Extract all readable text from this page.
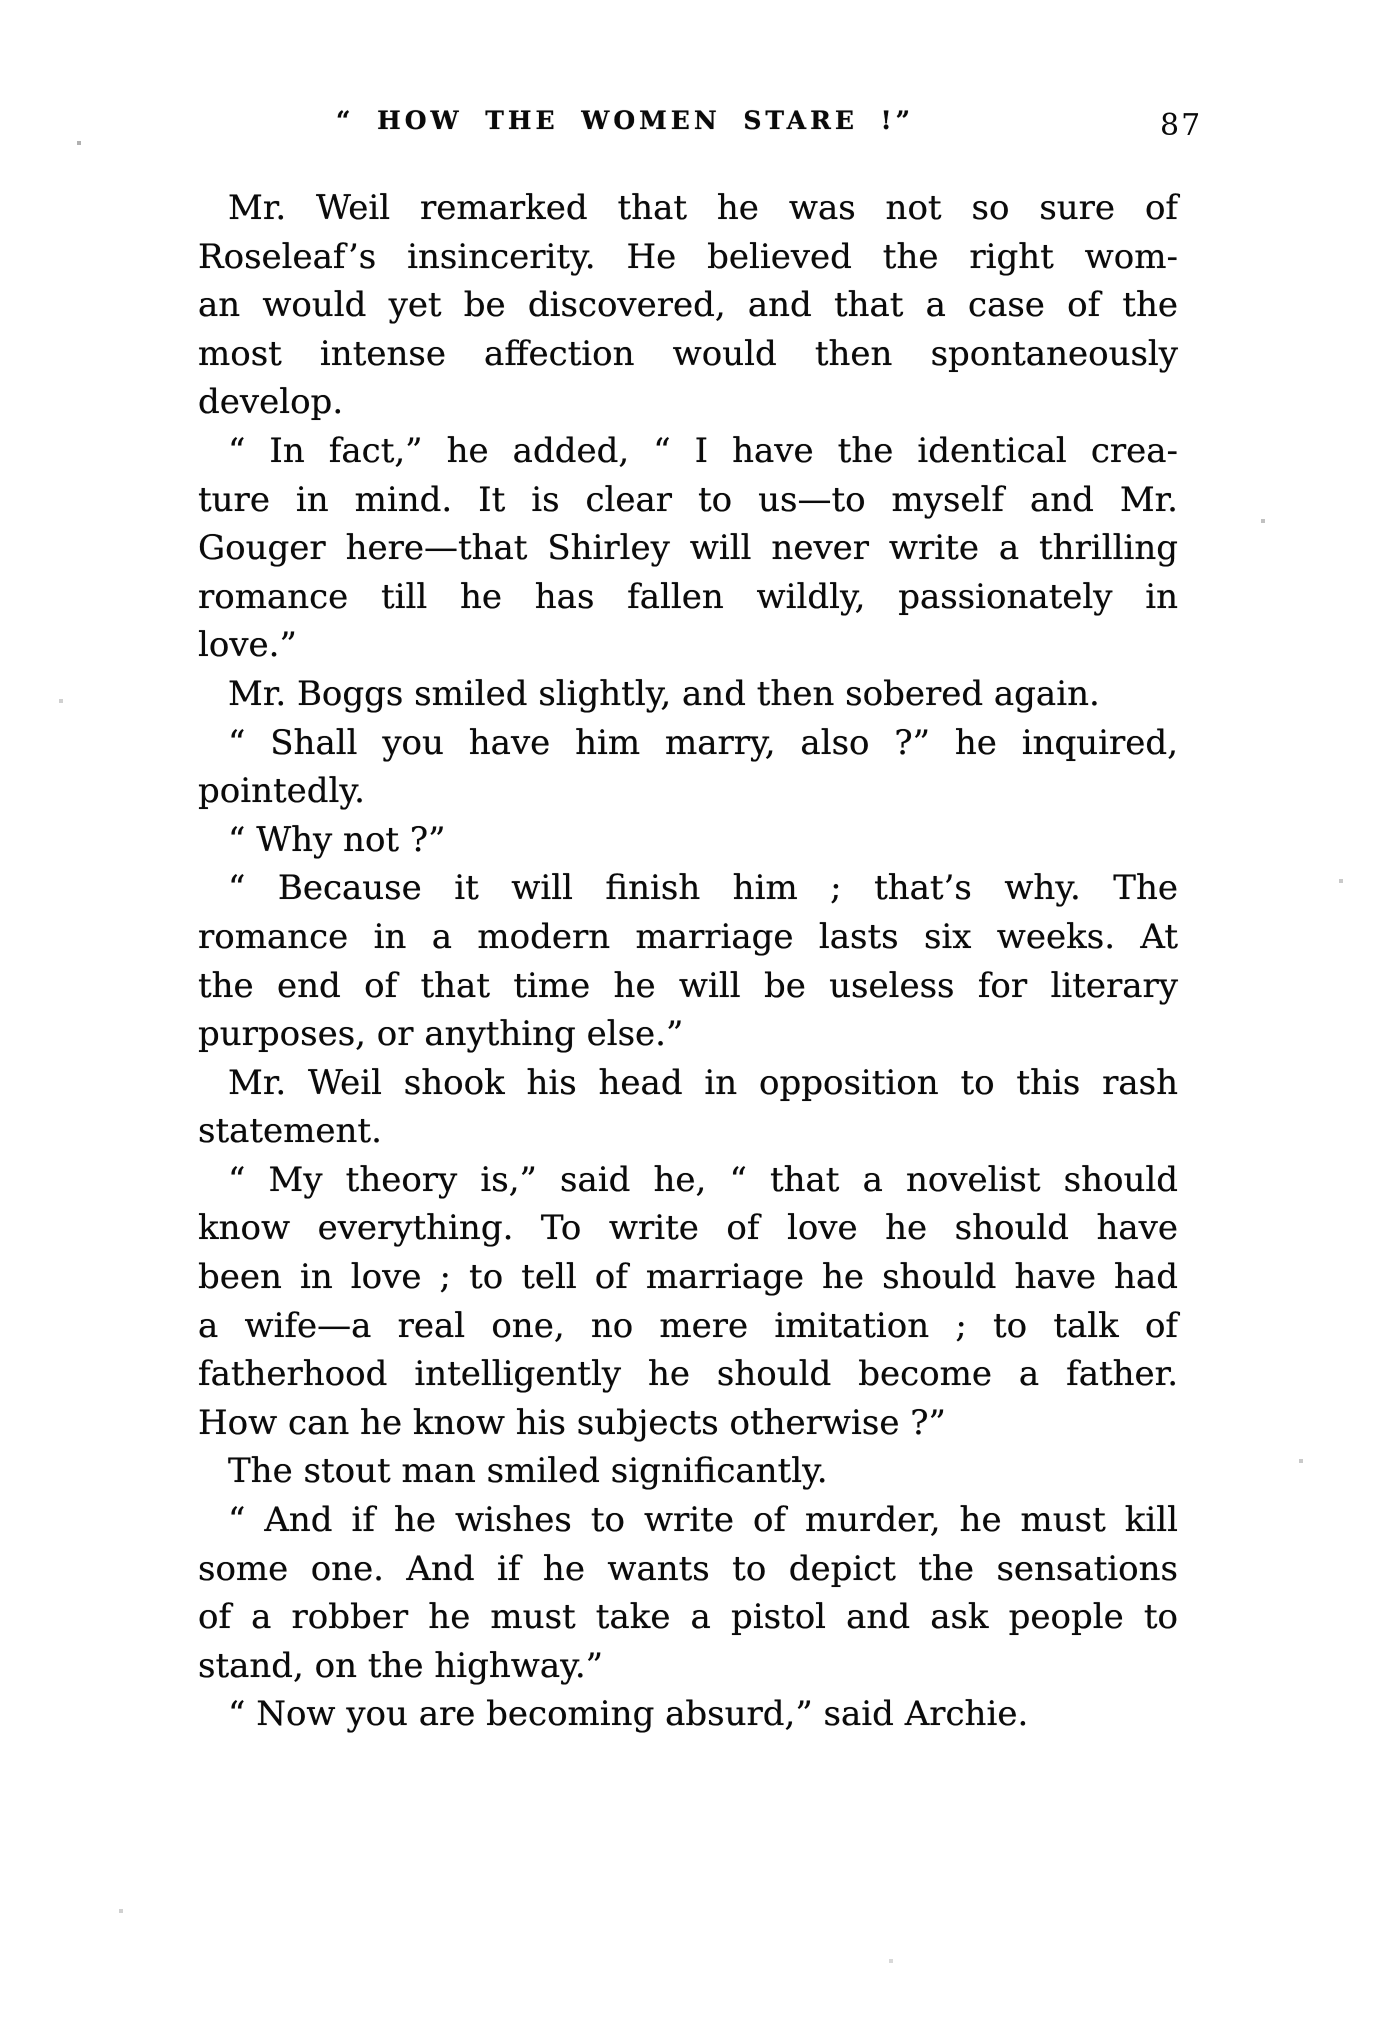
“ HOW THE WOMEN STARE !”	87

Mr. Weil remarked that he was not so sure of
Roseleaf’s insincerity. He believed the right wom-
an would yet be discovered, and that a case of the
most intense affection would then spontaneously
develop.

“ In fact,” he added, “ I have the identical crea-
ture in mind. It is clear to us—to myself and Mr.
Gouger here—that Shirley will never write a thrilling
romance till he has fallen wildly, passionately in
love.”

Mr. Boggs smiled slightly, and then sobered again.

“ Shall you have him marry, also ?” he inquired,
pointedly.

“ Why not ?”

“ Because it will finish him ; that’s why. The
romance in a modern marriage lasts six weeks. At
the end of that time he will be useless for literary
purposes, or anything else.”

Mr. Weil shook his head in opposition to this rash
statement.

“ My theory is,” said he, “ that a novelist should
know everything. To write of love he should have
been in love ; to tell of marriage he should have had
a wife—a real one, no mere imitation ; to talk of
fatherhood intelligently he should become a father.
How can he know his subjects otherwise ?”

The stout man smiled significantly.

“ And if he wishes to write of murder, he must kill
some one. And if he wants to depict the sensations
of a robber he must take a pistol and ask people to
stand, on the highway.”

“ Now you are becoming absurd,” said Archie.
